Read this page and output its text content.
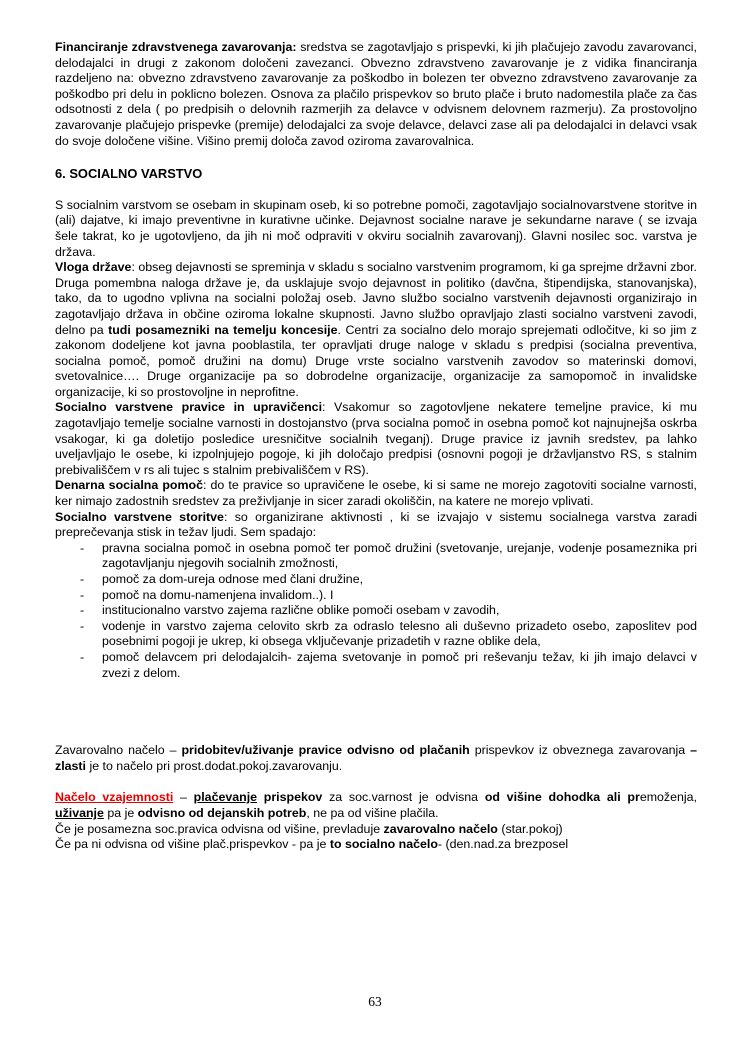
Financiranje zdravstvenega zavarovanja: sredstva se zagotavljajo s prispevki, ki jih plačujejo zavodu zavarovanci, delodajalci in drugi z zakonom določeni zavezanci. Obvezno zdravstveno zavarovanje je z vidika financiranja razdeljeno na: obvezno zdravstveno zavarovanje za poškodbo in bolezen ter obvezno zdravstveno zavarovanje za poškodbo pri delu in poklicno bolezen. Osnova za plačilo prispevkov so bruto plače i bruto nadomestila plače za čas odsotnosti z dela ( po predpisih o delovnih razmerjih za delavce v odvisnem delovnem razmerju). Za prostovoljno zavarovanje plačujejo prispevke (premije) delodajalci za svoje delavce, delavci zase ali pa delodajalci in delavci vsak do svoje določene višine. Višino premij določa zavod oziroma zavarovalnica.

6. SOCIALNO VARSTVO

S socialnim varstvom se osebam in skupinam oseb, ki so potrebne pomoči, zagotavljajo socialnovarstvene storitve in (ali) dajatve, ki imajo preventivne in kurativne učinke. Dejavnost socialne narave je sekundarne narave ( se izvaja šele takrat, ko je ugotovljeno, da jih ni moč odpraviti v okviru socialnih zavarovanj). Glavni nosilec soc. varstva je država.

Vloga države: obseg dejavnosti se spreminja v skladu s socialno varstvenim programom, ki ga sprejme državni zbor. Druga pomembna naloga države je, da usklajuje svojo dejavnost in politiko (davčna, štipendijska, stanovanjska), tako, da to ugodno vplivna na socialni položaj oseb. Javno službo socialno varstvenih dejavnosti organizirajo in zagotavljajo država in občine oziroma lokalne skupnosti. Javno službo opravljajo zlasti socialno varstveni zavodi, delno pa tudi posamezniki na temelju koncesije. Centri za socialno delo morajo sprejemati odločitve, ki so jim z zakonom dodeljene kot javna pooblastila, ter opravljati druge naloge v skladu s predpisi (socialna preventiva, socialna pomoč, pomoč družini na domu) Druge vrste socialno varstvenih zavodov so materinski domovi, svetovalnice…. Druge organizacije pa so dobrodelne organizacije, organizacije za samopomoč in invalidske organizacije, ki so prostovoljne in neprofitne.

Socialno varstvene pravice in upravičenci: Vsakomur so zagotovljene nekatere temeljne pravice, ki mu zagotavljajo temelje socialne varnosti in dostojanstvo (prva socialna pomoč in osebna pomoč kot najnujnejša oskrba vsakogar, ki ga doletijo posledice uresničitve socialnih tveganj). Druge pravice iz javnih sredstev, pa lahko uveljavljajo le osebe, ki izpolnjujejo pogoje, ki jih določajo predpisi (osnovni pogoji je državljanstvo RS, s stalnim prebivališčem v rs ali tujec s stalnim prebivališčem v RS).

Denarna socialna pomoč: do te pravice so upravičene le osebe, ki si same ne morejo zagotoviti socialne varnosti, ker nimajo zadostnih sredstev za preživljanje in sicer zaradi okoliščin, na katere ne morejo vplivati.

Socialno varstvene storitve: so organizirane aktivnosti , ki se izvajajo v sistemu socialnega varstva zaradi preprečevanja stisk in težav ljudi. Sem spadajo:

- pravna socialna pomoč in osebna pomoč ter pomoč družini (svetovanje, urejanje, vodenje posameznika pri zagotavljanju njegovih socialnih zmožnosti,
- pomoč za dom-ureja odnose med člani družine,
- pomoč na domu-namenjena invalidom..). I
- institucionalno varstvo zajema različne oblike pomoči osebam v zavodih,
- vodenje in varstvo zajema celovito skrb za odraslo telesno ali duševno prizadeto osebo, zaposlitev pod posebnimi pogoji je ukrep, ki obsega vključevanje prizadetih v razne oblike dela,
- pomoč delavcem pri delodajalcih- zajema svetovanje in pomoč pri reševanju težav, ki jih imajo delavci v zvezi z delom.

Zavarovalno načelo – pridobitev/uživanje pravice odvisno od plačanih prispevkov iz obveznega zavarovanja – zlasti je to načelo pri prost.dodat.pokoj.zavarovanju.

Načelo vzajemnosti – plačevanje prispekov za soc.varnost je odvisna od višine dohodka ali premoženja, uživanje pa je odvisno od dejanskih potreb, ne pa od višine plačila.

Če je posamezna soc.pravica odvisna od višine, prevladuje zavarovalno načelo (star.pokoj)

Če pa ni odvisna od višine plač.prispevkov - pa je to socialno načelo- (den.nad.za brezposel

63
